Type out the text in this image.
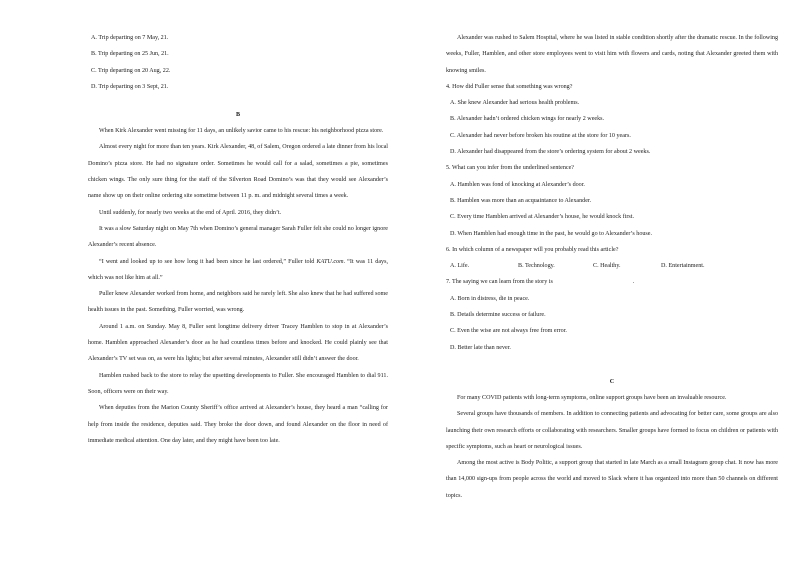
A. Trip departing on 7 May, 21.
B. Trip departing on 25 Jun, 21.
C. Trip departing on 20 Aug, 22.
D. Trip departing on 3 Sept, 21.
B

When Kirk Alexander went missing for 11 days, an unlikely savior came to his rescue: his neighborhood pizza store.

Almost every night for more than ten years. Kirk Alexander, 48, of Salem, Oregon ordered a late dinner from his local Domino’s pizza store. He had no signature order. Sometimes he would call for a salad, sometimes a pie, sometimes chicken wings. The only sure thing for the staff of the Silverton Road Domino’s was that they would see Alexander’s name show up on their online ordering site sometime between 11 p. m. and midnight several times a week.

Until suddenly, for nearly two weeks at the end of April. 2016, they didn’t.

It was a slow Saturday night on May 7th when Domino’s general manager Sarah Fuller felt she could no longer ignore Alexander’s recent absence.

“I went and looked up to see how long it had been since he last ordered,” Fuller told KATU.com. “It was 11 days, which was not like him at all.”

Puller knew Alexander worked from home, and neighbors said he rarely left. She also knew that he had suffered some health issues in the past. Something, Fuller worried, was wrong.

Around 1 a.m. on Sunday. May 8, Fuller sent longtime delivery driver Tracey Hamblen to stop in at Alexander’s home. Hamblen approached Alexander’s door as he had countless times before and knocked. He could plainly see that Alexander’s TV set was on, as were his lights; but after several minutes, Alexander still didn’t answer the door.

Hamblen rushed back to the store to relay the upsetting developments to Fuller. She encouraged Hamblen to dial 911. Soon, officers were on their way.

When deputies from the Marion County Sheriff’s office arrived at Alexander’s house, they heard a man “calling for help from inside the residence, deputies said. They broke the door down, and found Alexander on the floor in need of immediate medical attention. One day later, and they might have been too late.

Alexander was rushed to Salem Hospital, where he was listed in stable condition shortly after the dramatic rescue. In the following weeks, Fuller, Hamblen, and other store employees went to visit him with flowers and cards, noting that Alexander greeted them with knowing smiles.

4. How did Fuller sense that something was wrong?
A. She knew Alexander had serious health problems.
B. Alexander hadn’t ordered chicken wings for nearly 2 weeks.
C. Alexander had never before broken his routine at the store for 10 years.
D. Alexander had disappeared from the store’s ordering system for about 2 weeks.
5. What can you infer from the underlined sentence?
A. Hamblen was fond of knocking at Alexander’s door.
B. Hamblen was more than an acquaintance to Alexander.
C. Every time Hamblen arrived at Alexander’s house, he would knock first.
D. When Hamblen had enough time in the past, he would go to Alexander’s house.
6. In which column of a newspaper will you probably read this article?
A. Life.	B. Technology.	C. Healthy.	D. Entertainment.
7. The saying we can learn from the story is	.
A. Born in distress, die in peace.
B. Details determine success or failure.
C. Even the wise are not always free from error.
D. Better late than never.
C

For many COVID patients with long-term symptoms, online support groups have been an invaluable resource.

Several groups have thousands of members. In addition to connecting patients and advocating for better care, some groups are also launching their own research efforts or collaborating with researchers. Smaller groups have formed to focus on children or patients with specific symptoms, such as heart or neurological issues.

Among the most active is Body Politic, a support group that started in late March as a small Instagram group chat. It now has more than 14,000 sign-ups from people across the world and moved to Slack where it has organized into more than 50 channels on different topics.
